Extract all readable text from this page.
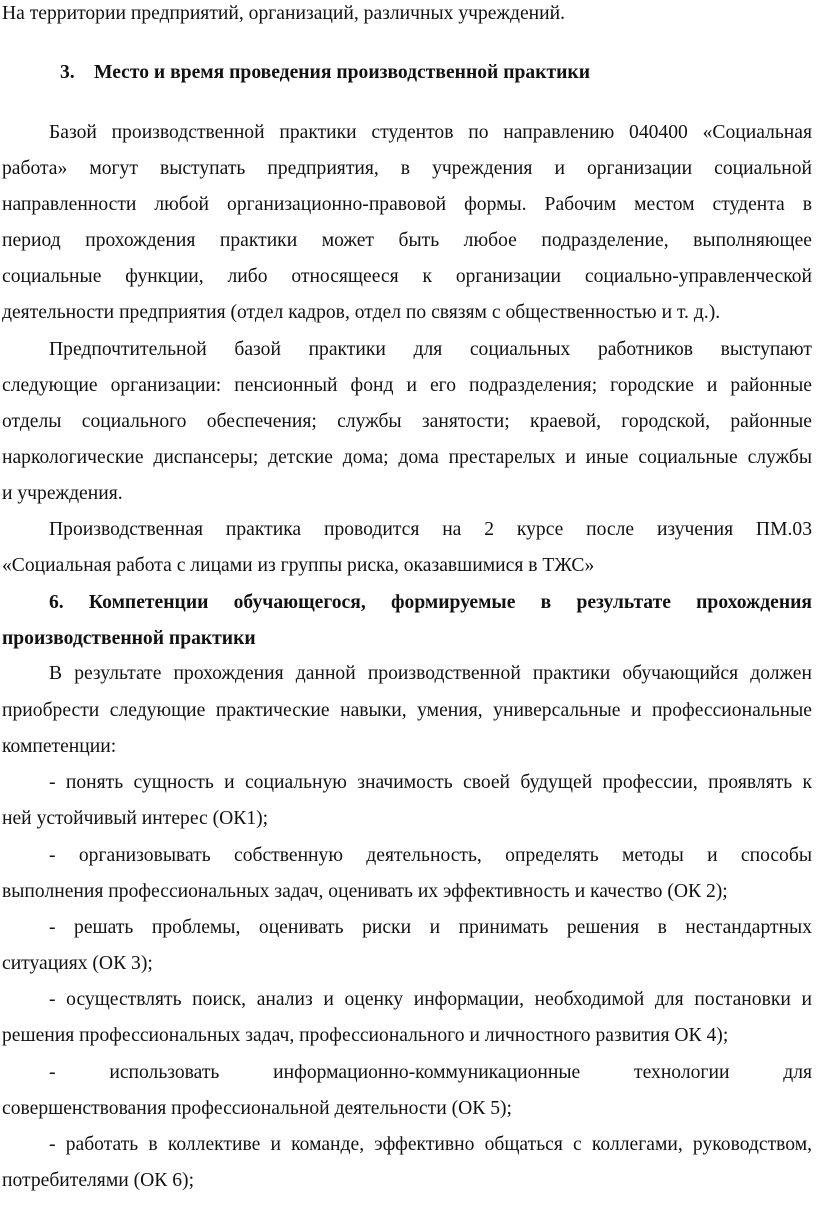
На территории предприятий, организаций, различных учреждений.
3. Место и время проведения производственной практики
Базой производственной практики студентов по направлению 040400 «Социальная
работа» могут выступать предприятия, в учреждения и организации социальной
направленности любой организационно-правовой формы. Рабочим местом студента в
период прохождения практики может быть любое подразделение, выполняющее
социальные функции, либо относящееся к организации социально-управленческой
деятельности предприятия (отдел кадров, отдел по связям с общественностью и т. д.).
Предпочтительной базой практики для социальных работников выступают
следующие организации: пенсионный фонд и его подразделения; городские и районные
отделы социального обеспечения; службы занятости; краевой, городской, районные
наркологические диспансеры; детские дома; дома престарелых и иные социальные службы
и учреждения.
Производственная практика проводится на 2 курсе после изучения ПМ.03
«Социальная работа с лицами из группы риска, оказавшимися в ТЖС»
6. Компетенции обучающегося, формируемые в результате прохождения
производственной практики
В результате прохождения данной производственной практики обучающийся должен
приобрести следующие практические навыки, умения, универсальные и профессиональные
компетенции:
- понять сущность и социальную значимость своей будущей профессии, проявлять к
ней устойчивый интерес (ОК1);
- организовывать собственную деятельность, определять методы и способы
выполнения профессиональных задач, оценивать их эффективность и качество (ОК 2);
- решать проблемы, оценивать риски и принимать решения в нестандартных
ситуациях (ОК 3);
- осуществлять поиск, анализ и оценку информации, необходимой для постановки и
решения профессиональных задач, профессионального и личностного развития ОК 4);
- использовать информационно-коммуникационные технологии для
совершенствования профессиональной деятельности (ОК 5);
- работать в коллективе и команде, эффективно общаться с коллегами, руководством,
потребителями (ОК 6);
